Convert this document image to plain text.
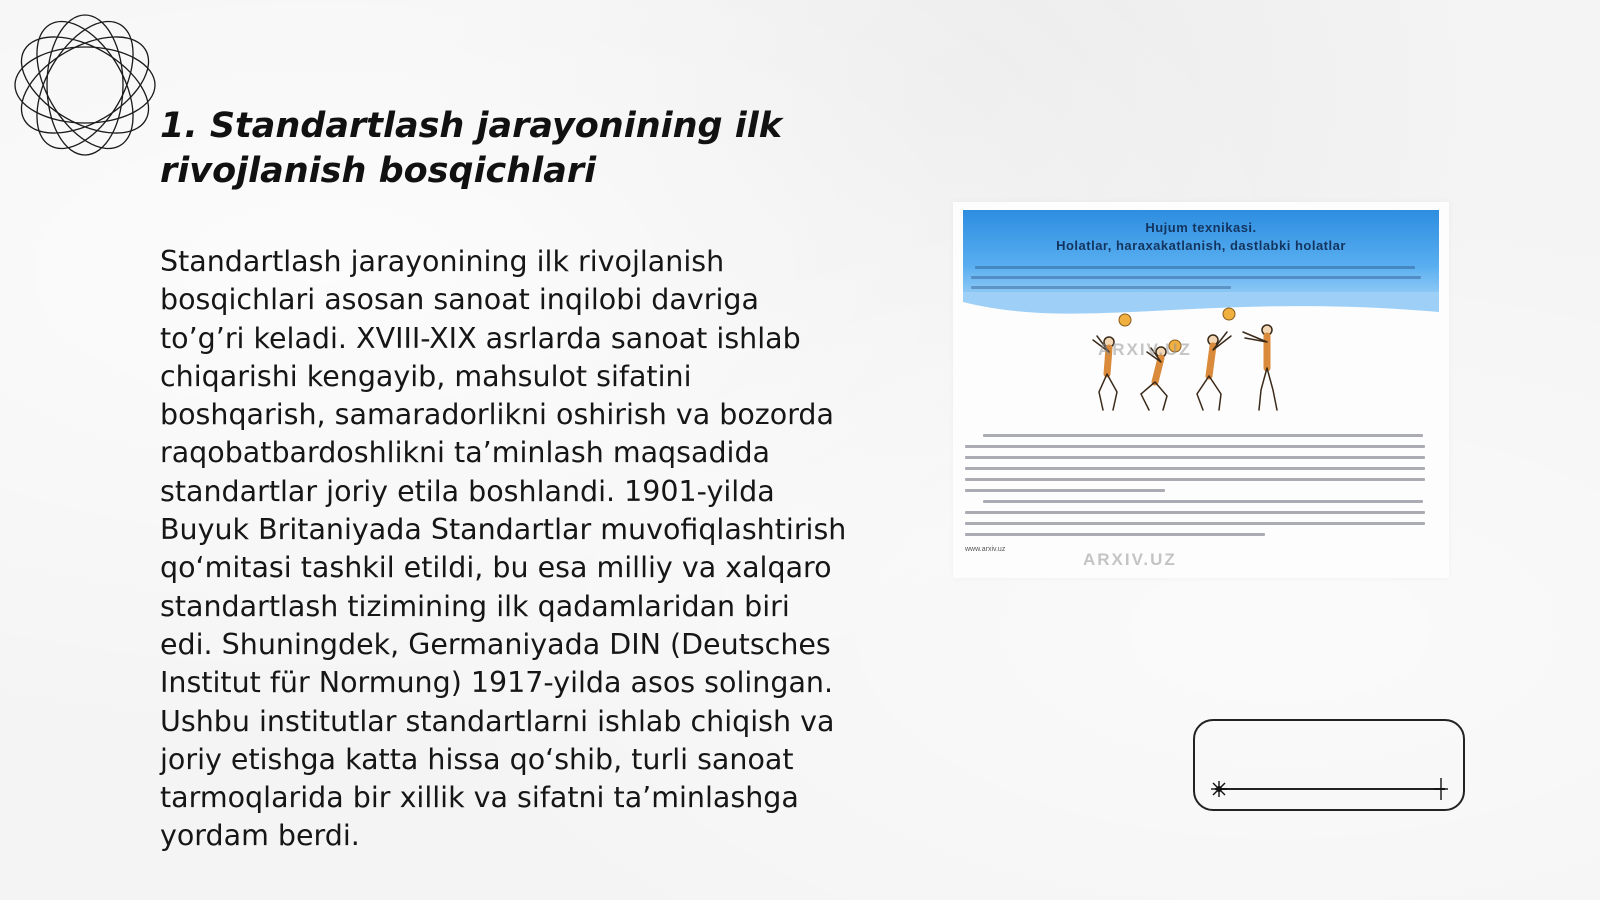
1. Standartlash jarayonining ilk rivojlanish bosqichlari

Standartlash jarayonining ilk rivojlanish bosqichlari asosan sanoat inqilobi davriga to’g’ri keladi. XVIII-XIX asrlarda sanoat ishlab chiqarishi kengayib, mahsulot sifatini boshqarish, samaradorlikni oshirish va bozorda raqobatbardoshlikni ta’minlash maqsadida standartlar joriy etila boshlandi. 1901-yilda Buyuk Britaniyada Standartlar muvofiqlashtirish qo‘mitasi tashkil etildi, bu esa milliy va xalqaro standartlash tizimining ilk qadamlaridan biri edi. Shuningdek, Germaniyada DIN (Deutsches Institut für Normung) 1917-yilda asos solingan. Ushbu institutlar standartlarni ishlab chiqish va joriy etishga katta hissa qo‘shib, turli sanoat tarmoqlarida bir xillik va sifatni ta’minlashga yordam berdi.

Hujum texnikasi.
Holatlar, haraxakatlanish, dastlabki holatlar
ARXIV.UZ
www.arxiv.uz
ARXIV.UZ
